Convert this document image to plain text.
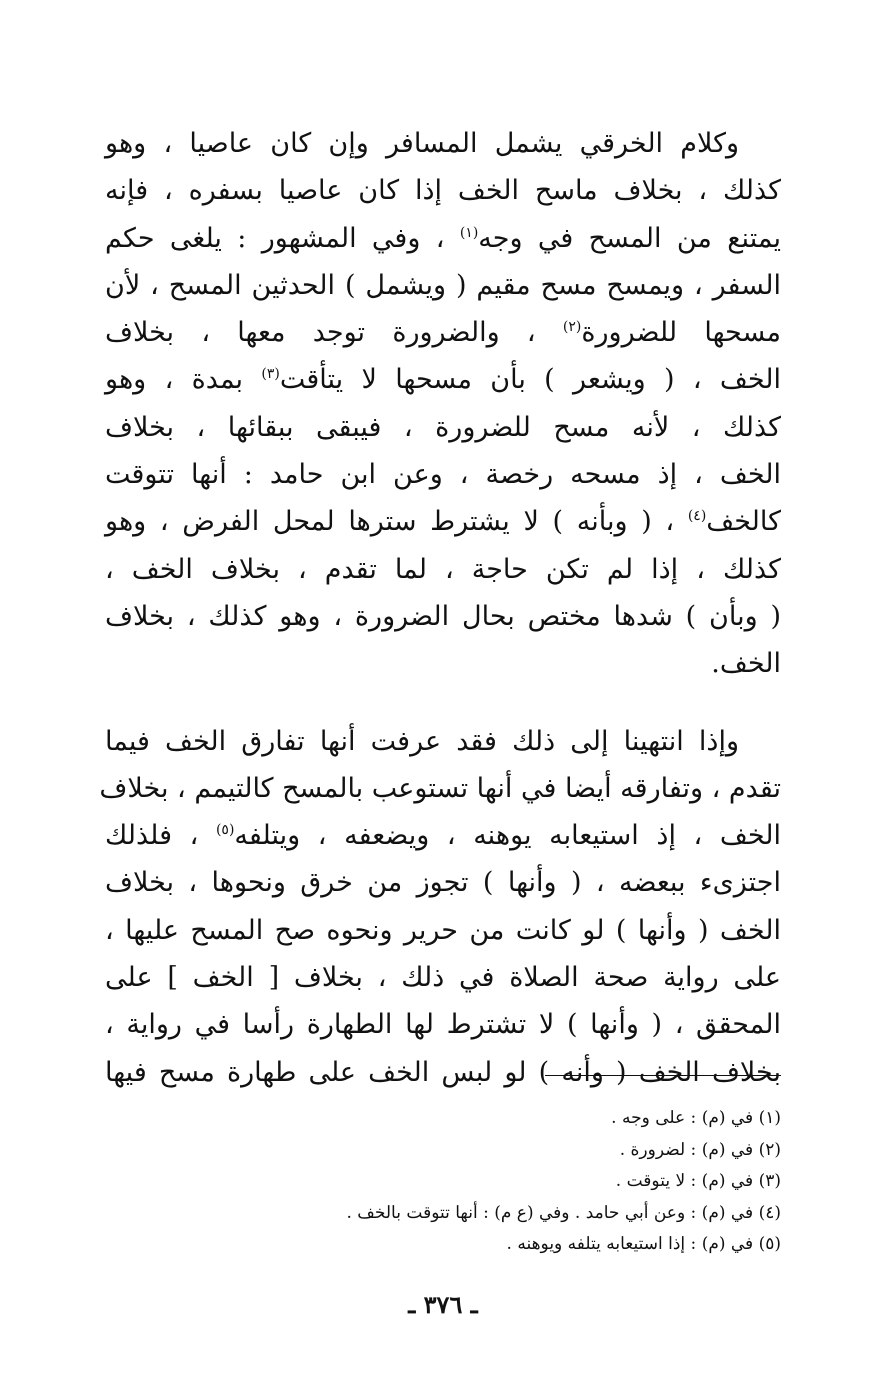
وكلام الخرقي يشمل المسافر وإن كان عاصيا ، وهو
كذلك ، بخلاف ماسح الخف إذا كان عاصيا بسفره ، فإنه
يمتنع من المسح في وجه$^{(١)}$ ، وفي المشهور : يلغى حكم
السفر ، ويمسح مسح مقيم ( ويشمل ) الحدثين المسح ، لأن
مسحها للضرورة$^{(٢)}$ ، والضرورة توجد معها ، بخلاف
الخف ، ( ويشعر ) بأن مسحها لا يتأقت$^{(٣)}$ بمدة ، وهو
كذلك ، لأنه مسح للضرورة ، فيبقى ببقائها ، بخلاف
الخف ، إذ مسحه رخصة ، وعن ابن حامد : أنها تتوقت
كالخف$^{(٤)}$ ، ( وبأنه ) لا يشترط سترها لمحل الفرض ، وهو
كذلك ، إذا لم تكن حاجة ، لما تقدم ، بخلاف الخف ،
( وبأن ) شدها مختص بحال الضرورة ، وهو كذلك ، بخلاف
الخف.
وإذا انتهينا إلى ذلك فقد عرفت أنها تفارق الخف فيما
تقدم ، وتفارقه أيضا في أنها تستوعب بالمسح كالتيمم ، بخلاف
الخف ، إذ استيعابه يوهنه ، ويضعفه ، ويتلفه$^{(٥)}$ ، فلذلك
اجتزىء ببعضه ، ( وأنها ) تجوز من خرق ونحوها ، بخلاف
الخف ( وأنها ) لو كانت من حرير ونحوه صح المسح عليها ،
على رواية صحة الصلاة في ذلك ، بخلاف [ الخف ] على
المحقق ، ( وأنها ) لا تشترط لها الطهارة رأسا في رواية ،
بخلاف الخف ( وأنه ) لو لبس الخف على طهارة مسح فيها
(١) في (م) : على وجه .
(٢) في (م) : لضرورة .
(٣) في (م) : لا يتوقت .
(٤) في (م) : وعن أبي حامد . وفي (ع م) : أنها تتوقت بالخف .
(٥) في (م) : إذا استيعابه يتلفه ويوهنه .
ـ ٣٧٦ ـ
